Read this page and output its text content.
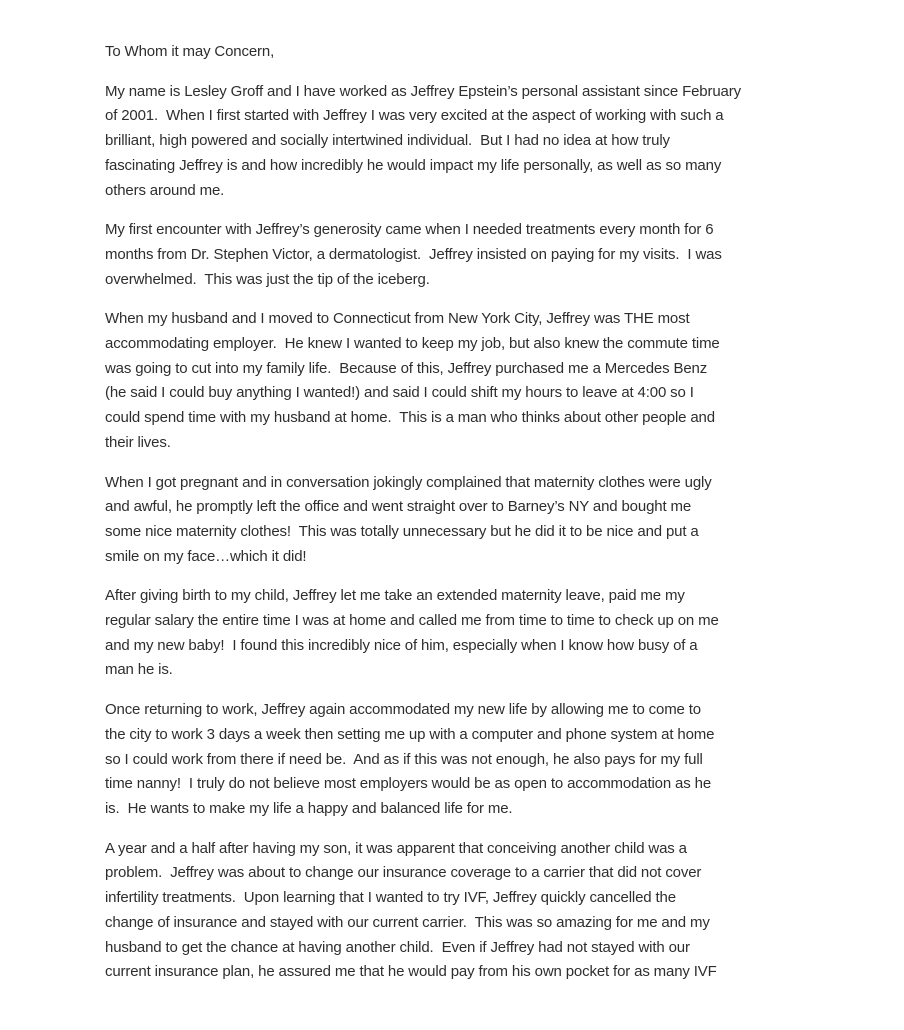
To Whom it may Concern,

My name is Lesley Groff and I have worked as Jeffrey Epstein’s personal assistant since February
of 2001.  When I first started with Jeffrey I was very excited at the aspect of working with such a
brilliant, high powered and socially intertwined individual.  But I had no idea at how truly
fascinating Jeffrey is and how incredibly he would impact my life personally, as well as so many
others around me.
My first encounter with Jeffrey’s generosity came when I needed treatments every month for 6
months from Dr. Stephen Victor, a dermatologist.  Jeffrey insisted on paying for my visits.  I was
overwhelmed.  This was just the tip of the iceberg.
When my husband and I moved to Connecticut from New York City, Jeffrey was THE most
accommodating employer.  He knew I wanted to keep my job, but also knew the commute time
was going to cut into my family life.  Because of this, Jeffrey purchased me a Mercedes Benz
(he said I could buy anything I wanted!) and said I could shift my hours to leave at 4:00 so I
could spend time with my husband at home.  This is a man who thinks about other people and
their lives.
When I got pregnant and in conversation jokingly complained that maternity clothes were ugly
and awful, he promptly left the office and went straight over to Barney’s NY and bought me
some nice maternity clothes!  This was totally unnecessary but he did it to be nice and put a
smile on my face…which it did!
After giving birth to my child, Jeffrey let me take an extended maternity leave, paid me my
regular salary the entire time I was at home and called me from time to time to check up on me
and my new baby!  I found this incredibly nice of him, especially when I know how busy of a
man he is.
Once returning to work, Jeffrey again accommodated my new life by allowing me to come to
the city to work 3 days a week then setting me up with a computer and phone system at home
so I could work from there if need be.  And as if this was not enough, he also pays for my full
time nanny!  I truly do not believe most employers would be as open to accommodation as he
is.  He wants to make my life a happy and balanced life for me.
A year and a half after having my son, it was apparent that conceiving another child was a
problem.  Jeffrey was about to change our insurance coverage to a carrier that did not cover
infertility treatments.  Upon learning that I wanted to try IVF, Jeffrey quickly cancelled the
change of insurance and stayed with our current carrier.  This was so amazing for me and my
husband to get the chance at having another child.  Even if Jeffrey had not stayed with our
current insurance plan, he assured me that he would pay from his own pocket for as many IVF
